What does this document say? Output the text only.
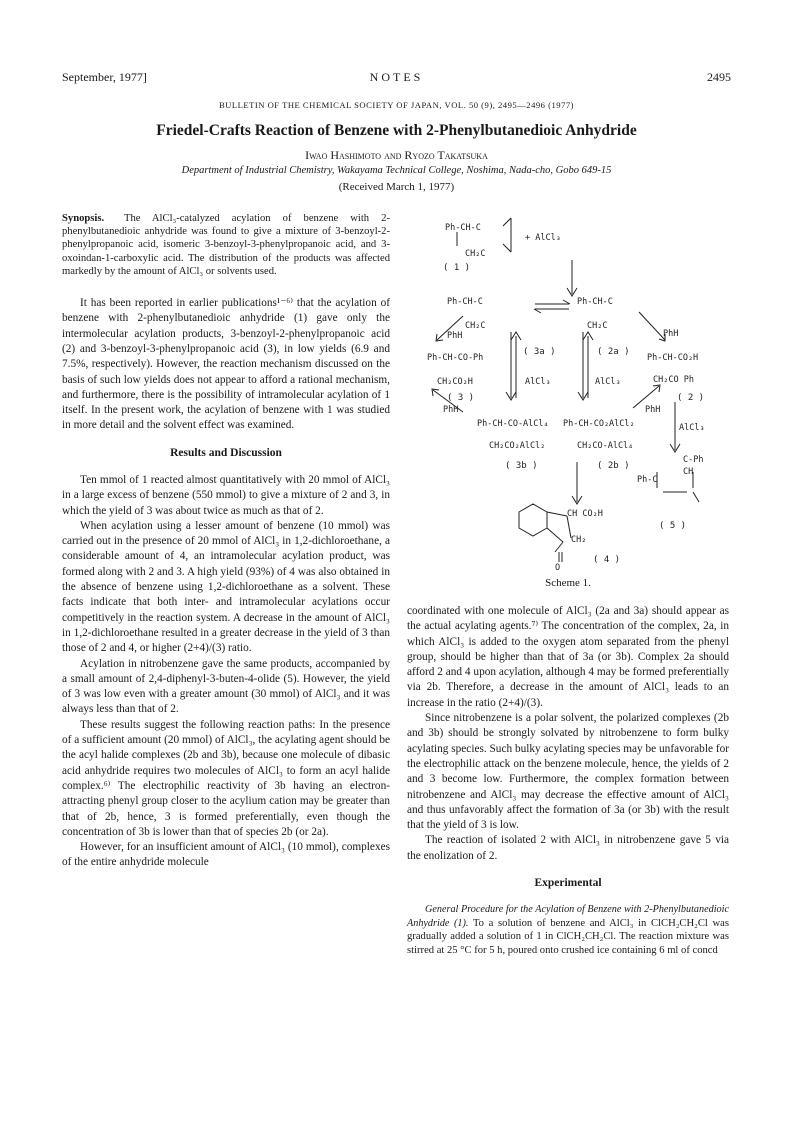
September, 1977]	NOTES	2495
BULLETIN OF THE CHEMICAL SOCIETY OF JAPAN, VOL. 50 (9), 2495—2496 (1977)
Friedel-Crafts Reaction of Benzene with 2-Phenylbutanedioic Anhydride
Iwao Hashimoto and Ryozo Takatsuka
Department of Industrial Chemistry, Wakayama Technical College, Noshima, Nada-cho, Gobo 649-15
(Received March 1, 1977)

Synopsis. The AlCl₃-catalyzed acylation of benzene with 2-phenylbutanedioic anhydride was found to give a mixture of 3-benzoyl-2-phenylpropanoic acid, isomeric 3-benzoyl-3-phenylpropanoic acid, and 3-oxoindan-1-carboxylic acid. The distribution of the products was affected markedly by the amount of AlCl₃ or solvents used.

It has been reported in earlier publications¹⁻⁶⁾ that the acylation of benzene with 2-phenylbutanedioic anhydride (1) gave only the intermolecular acylation products, 3-benzoyl-2-phenylpropanoic acid (2) and 3-benzoyl-3-phenylpropanoic acid (3), in low yields (6.9 and 7.5%, respectively). However, the reaction mechanism discussed on the basis of such low yields does not appear to afford a rational mechanism, and furthermore, there is the possibility of intramolecular acylation of 1 itself. In the present work, the acylation of benzene with 1 was studied in more detail and the solvent effect was examined.

Results and Discussion

Ten mmol of 1 reacted almost quantitatively with 20 mmol of AlCl₃ in a large excess of benzene (550 mmol) to give a mixture of 2 and 3, in which the yield of 3 was about twice as much as that of 2.

When acylation using a lesser amount of benzene (10 mmol) was carried out in the presence of 20 mmol of AlCl₃ in 1,2-dichloroethane, a considerable amount of 4, an intramolecular acylation product, was formed along with 2 and 3. A high yield (93%) of 4 was also obtained in the absence of benzene using 1,2-dichloroethane as a solvent. These facts indicate that both inter- and intramolecular acylations occur competitively in the reaction system. A decrease in the amount of AlCl₃ in 1,2-dichloroethane resulted in a greater decrease in the yield of 3 than those of 2 and 4, or higher (2+4)/(3) ratio.

Acylation in nitrobenzene gave the same products, accompanied by a small amount of 2,4-diphenyl-3-buten-4-olide (5). However, the yield of 3 was low even with a greater amount (30 mmol) of AlCl₃ and it was always less than that of 2.

These results suggest the following reaction paths: In the presence of a sufficient amount (20 mmol) of AlCl₃, the acylating agent should be the acyl halide complexes (2b and 3b), because one molecule of dibasic acid anhydride requires two molecules of AlCl₃ to form an acyl halide complex.⁶⁾ The electrophilic reactivity of 3b having an electron-attracting phenyl group closer to the acylium cation may be greater than that of 2b, hence, 3 is formed preferentially, even though the concentration of 3b is lower than that of species 2b (or 2a).

However, for an insufficient amount of AlCl₃ (10 mmol), complexes of the entire anhydride molecule

Ph-CH-C
CH₂C
+ AlCl₃
( 1 )
Ph-CH-C
CH₂C
Ph-CH-C
CH₂C
PhH	PhH
Ph-CH-CO-Ph
CH₂CO₂H
( 3 )
Ph-CH-CO₂H
CH₂CO Ph
( 2 )
( 3a )	( 2a )
AlCl₃	AlCl₃
PhH	PhH
Ph-CH-CO-AlCl₄
CH₂CO₂AlCl₂
( 3b )
Ph-CH-CO₂AlCl₂
CH₂CO-AlCl₄
( 2b )
AlCl₃
Ph-C
CH
C-Ph
( 5 )
CH CO₂H
CH₂
O
( 4 )
Scheme 1.

coordinated with one molecule of AlCl₃ (2a and 3a) should appear as the actual acylating agents.⁷⁾ The concentration of the complex, 2a, in which AlCl₃ is added to the oxygen atom separated from the phenyl group, should be higher than that of 3a (or 3b). Complex 2a should afford 2 and 4 upon acylation, although 4 may be formed preferentially via 2b. Therefore, a decrease in the amount of AlCl₃ leads to an increase in the ratio (2+4)/(3).

Since nitrobenzene is a polar solvent, the polarized complexes (2b and 3b) should be strongly solvated by nitrobenzene to form bulky acylating species. Such bulky acylating species may be unfavorable for the electrophilic attack on the benzene molecule, hence, the yields of 2 and 3 become low. Furthermore, the complex formation between nitrobenzene and AlCl₃ may decrease the effective amount of AlCl₃ and thus unfavorably affect the formation of 3a (or 3b) with the result that the yield of 3 is low.

The reaction of isolated 2 with AlCl₃ in nitrobenzene gave 5 via the enolization of 2.

Experimental

General Procedure for the Acylation of Benzene with 2-Phenylbutanedioic Anhydride (1). To a solution of benzene and AlCl₃ in ClCH₂CH₂Cl was gradually added a solution of 1 in ClCH₂CH₂Cl. The reaction mixture was stirred at 25 °C for 5 h, poured onto crushed ice containing 6 ml of concd
